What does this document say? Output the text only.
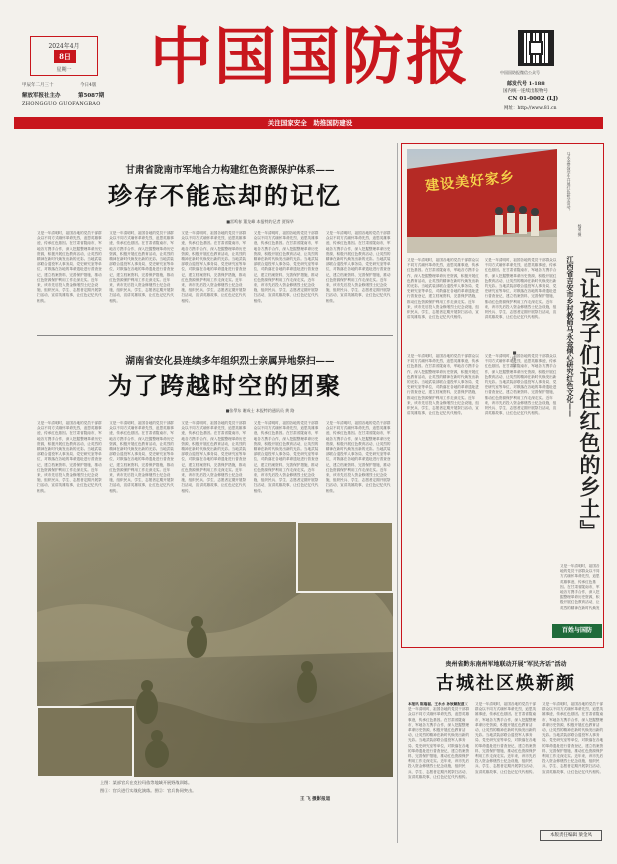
2024年4月
8日
星期一
甲辰年二月三十	今日4版
解放军报社主办	第5087期
ZHONGGUO GUOFANGBAO
中国国防报	中国国防报微信公众号
邮发代号 1-188
国内统一连续出版物号
CN 01-0002 (LJ)
网址：http://www.81.cn
关注国家安全　助推国防建设
甘肃省陇南市军地合力构建红色资源保护体系——
珍存不能忘却的记忆
■雷鸣春 董龙峰 本报特约记者 贾保华
又是一年清明时，祖国各地的党员干部群众以不同方式缅怀革命先烈，追思英雄事迹，传承红色基因。在甘肃省陇南市，军地各方携手合作，深入挖掘整理革命历史资源，积极开展红色教育活动，让英烈的精神在新时代焕发出新的光彩。当地武装部联合退役军人事务局、党史研究室等单位，对散落在各地的革命遗址进行普查登记，建立档案资料，完善保护措施，推动红色资源保护利用工作走深走实。近年来，该市先后投入资金修缮烈士纪念设施，组织民兵、学生、志愿者定期开展祭扫活动，宣讲英雄故事，让红色记忆代代相传。
又是一年清明时，祖国各地的党员干部群众以不同方式缅怀革命先烈，追思英雄事迹，传承红色基因。在甘肃省陇南市，军地各方携手合作，深入挖掘整理革命历史资源，积极开展红色教育活动，让英烈的精神在新时代焕发出新的光彩。当地武装部联合退役军人事务局、党史研究室等单位，对散落在各地的革命遗址进行普查登记，建立档案资料，完善保护措施，推动红色资源保护利用工作走深走实。近年来，该市先后投入资金修缮烈士纪念设施，组织民兵、学生、志愿者定期开展祭扫活动，宣讲英雄故事，让红色记忆代代相传。
又是一年清明时，祖国各地的党员干部群众以不同方式缅怀革命先烈，追思英雄事迹，传承红色基因。在甘肃省陇南市，军地各方携手合作，深入挖掘整理革命历史资源，积极开展红色教育活动，让英烈的精神在新时代焕发出新的光彩。当地武装部联合退役军人事务局、党史研究室等单位，对散落在各地的革命遗址进行普查登记，建立档案资料，完善保护措施，推动红色资源保护利用工作走深走实。近年来，该市先后投入资金修缮烈士纪念设施，组织民兵、学生、志愿者定期开展祭扫活动，宣讲英雄故事，让红色记忆代代相传。
又是一年清明时，祖国各地的党员干部群众以不同方式缅怀革命先烈，追思英雄事迹，传承红色基因。在甘肃省陇南市，军地各方携手合作，深入挖掘整理革命历史资源，积极开展红色教育活动，让英烈的精神在新时代焕发出新的光彩。当地武装部联合退役军人事务局、党史研究室等单位，对散落在各地的革命遗址进行普查登记，建立档案资料，完善保护措施，推动红色资源保护利用工作走深走实。近年来，该市先后投入资金修缮烈士纪念设施，组织民兵、学生、志愿者定期开展祭扫活动，宣讲英雄故事，让红色记忆代代相传。
又是一年清明时，祖国各地的党员干部群众以不同方式缅怀革命先烈，追思英雄事迹，传承红色基因。在甘肃省陇南市，军地各方携手合作，深入挖掘整理革命历史资源，积极开展红色教育活动，让英烈的精神在新时代焕发出新的光彩。当地武装部联合退役军人事务局、党史研究室等单位，对散落在各地的革命遗址进行普查登记，建立档案资料，完善保护措施，推动红色资源保护利用工作走深走实。近年来，该市先后投入资金修缮烈士纪念设施，组织民兵、学生、志愿者定期开展祭扫活动，宣讲英雄故事，让红色记忆代代相传。
湖南省安化县连续多年组织烈士亲属异地祭扫——
为了跨越时空的团聚
■张學东 谢成士 本报特约通讯员 黄 路
又是一年清明时，祖国各地的党员干部群众以不同方式缅怀革命先烈，追思英雄事迹，传承红色基因。在甘肃省陇南市，军地各方携手合作，深入挖掘整理革命历史资源，积极开展红色教育活动，让英烈的精神在新时代焕发出新的光彩。当地武装部联合退役军人事务局、党史研究室等单位，对散落在各地的革命遗址进行普查登记，建立档案资料，完善保护措施，推动红色资源保护利用工作走深走实。近年来，该市先后投入资金修缮烈士纪念设施，组织民兵、学生、志愿者定期开展祭扫活动，宣讲英雄故事，让红色记忆代代相传。
又是一年清明时，祖国各地的党员干部群众以不同方式缅怀革命先烈，追思英雄事迹，传承红色基因。在甘肃省陇南市，军地各方携手合作，深入挖掘整理革命历史资源，积极开展红色教育活动，让英烈的精神在新时代焕发出新的光彩。当地武装部联合退役军人事务局、党史研究室等单位，对散落在各地的革命遗址进行普查登记，建立档案资料，完善保护措施，推动红色资源保护利用工作走深走实。近年来，该市先后投入资金修缮烈士纪念设施，组织民兵、学生、志愿者定期开展祭扫活动，宣讲英雄故事，让红色记忆代代相传。
又是一年清明时，祖国各地的党员干部群众以不同方式缅怀革命先烈，追思英雄事迹，传承红色基因。在甘肃省陇南市，军地各方携手合作，深入挖掘整理革命历史资源，积极开展红色教育活动，让英烈的精神在新时代焕发出新的光彩。当地武装部联合退役军人事务局、党史研究室等单位，对散落在各地的革命遗址进行普查登记，建立档案资料，完善保护措施，推动红色资源保护利用工作走深走实。近年来，该市先后投入资金修缮烈士纪念设施，组织民兵、学生、志愿者定期开展祭扫活动，宣讲英雄故事，让红色记忆代代相传。
又是一年清明时，祖国各地的党员干部群众以不同方式缅怀革命先烈，追思英雄事迹，传承红色基因。在甘肃省陇南市，军地各方携手合作，深入挖掘整理革命历史资源，积极开展红色教育活动，让英烈的精神在新时代焕发出新的光彩。当地武装部联合退役军人事务局、党史研究室等单位，对散落在各地的革命遗址进行普查登记，建立档案资料，完善保护措施，推动红色资源保护利用工作走深走实。近年来，该市先后投入资金修缮烈士纪念设施，组织民兵、学生、志愿者定期开展祭扫活动，宣讲英雄故事，让红色记忆代代相传。
又是一年清明时，祖国各地的党员干部群众以不同方式缅怀革命先烈，追思英雄事迹，传承红色基因。在甘肃省陇南市，军地各方携手合作，深入挖掘整理革命历史资源，积极开展红色教育活动，让英烈的精神在新时代焕发出新的光彩。当地武装部联合退役军人事务局、党史研究室等单位，对散落在各地的革命遗址进行普查登记，建立档案资料，完善保护措施，推动红色资源保护利用工作走深走实。近年来，该市先后投入资金修缮烈士纪念设施，组织民兵、学生、志愿者定期开展祭扫活动，宣讲英雄故事，让红色记忆代代相传。
上图：某部官兵在克拉玛依等地域开展野战训练。
图①：官兵进行实战化演练。图②：官兵协同突击。
王 飞 摄影报道
建设美好家乡	马永金带领学生开展红色研学活动。
杨勇 摄
又是一年清明时，祖国各地的党员干部群众以不同方式缅怀革命先烈，追思英雄事迹，传承红色基因。在甘肃省陇南市，军地各方携手合作，深入挖掘整理革命历史资源，积极开展红色教育活动，让英烈的精神在新时代焕发出新的光彩。当地武装部联合退役军人事务局、党史研究室等单位，对散落在各地的革命遗址进行普查登记，建立档案资料，完善保护措施，推动红色资源保护利用工作走深走实。近年来，该市先后投入资金修缮烈士纪念设施，组织民兵、学生、志愿者定期开展祭扫活动，宣讲英雄故事，让红色记忆代代相传。
又是一年清明时，祖国各地的党员干部群众以不同方式缅怀革命先烈，追思英雄事迹，传承红色基因。在甘肃省陇南市，军地各方携手合作，深入挖掘整理革命历史资源，积极开展红色教育活动，让英烈的精神在新时代焕发出新的光彩。当地武装部联合退役军人事务局、党史研究室等单位，对散落在各地的革命遗址进行普查登记，建立档案资料，完善保护措施，推动红色资源保护利用工作走深走实。近年来，该市先后投入资金修缮烈士纪念设施，组织民兵、学生、志愿者定期开展祭扫活动，宣讲英雄故事，让红色记忆代代相传。	江西省吉安市乡村教师马永金倾心研究红色文化—— 『让孩子们记住红色的乡土』
■ 杨小平
又是一年清明时，祖国各地的党员干部群众以不同方式缅怀革命先烈，追思英雄事迹，传承红色基因。在甘肃省陇南市，军地各方携手合作，深入挖掘整理革命历史资源，积极开展红色教育活动，让英烈的精神在新时代焕发出新的光彩。当地武装部联合退役军人事务局、党史研究室等单位，对散落在各地的革命遗址进行普查登记，建立档案资料，完善保护措施，推动红色资源保护利用工作走深走实。近年来，该市先后投入资金修缮烈士纪念设施，组织民兵、学生、志愿者定期开展祭扫活动，宣讲英雄故事，让红色记忆代代相传。
又是一年清明时，祖国各地的党员干部群众以不同方式缅怀革命先烈，追思英雄事迹，传承红色基因。在甘肃省陇南市，军地各方携手合作，深入挖掘整理革命历史资源，积极开展红色教育活动，让英烈的精神在新时代焕发出新的光彩。当地武装部联合退役军人事务局、党史研究室等单位，对散落在各地的革命遗址进行普查登记，建立档案资料，完善保护措施，推动红色资源保护利用工作走深走实。近年来，该市先后投入资金修缮烈士纪念设施，组织民兵、学生、志愿者定期开展祭扫活动，宣讲英雄故事，让红色记忆代代相传。
又是一年清明时，祖国各地的党员干部群众以不同方式缅怀革命先烈，追思英雄事迹，传承红色基因。在甘肃省陇南市，军地各方携手合作，深入挖掘整理革命历史资源，积极开展红色教育活动，让英烈的精神在新时代焕发
百姓与国防
贵州省黔东南州军地联动开展“军民齐话”活动
古城社区焕新颜
本报讯 陈瑞福、王永水 孙欣颖报道又是一年清明时，祖国各地的党员干部群众以不同方式缅怀革命先烈，追思英雄事迹，传承红色基因。在甘肃省陇南市，军地各方携手合作，深入挖掘整理革命历史资源，积极开展红色教育活动，让英烈的精神在新时代焕发出新的光彩。当地武装部联合退役军人事务局、党史研究室等单位，对散落在各地的革命遗址进行普查登记，建立档案资料，完善保护措施，推动红色资源保护利用工作走深走实。近年来，该市先后投入资金修缮烈士纪念设施，组织民兵、学生、志愿者定期开展祭扫活动，宣讲英雄故事，让红色记忆代代相传。
又是一年清明时，祖国各地的党员干部群众以不同方式缅怀革命先烈，追思英雄事迹，传承红色基因。在甘肃省陇南市，军地各方携手合作，深入挖掘整理革命历史资源，积极开展红色教育活动，让英烈的精神在新时代焕发出新的光彩。当地武装部联合退役军人事务局、党史研究室等单位，对散落在各地的革命遗址进行普查登记，建立档案资料，完善保护措施，推动红色资源保护利用工作走深走实。近年来，该市先后投入资金修缮烈士纪念设施，组织民兵、学生、志愿者定期开展祭扫活动，宣讲英雄故事，让红色记忆代代相传。
又是一年清明时，祖国各地的党员干部群众以不同方式缅怀革命先烈，追思英雄事迹，传承红色基因。在甘肃省陇南市，军地各方携手合作，深入挖掘整理革命历史资源，积极开展红色教育活动，让英烈的精神在新时代焕发出新的光彩。当地武装部联合退役军人事务局、党史研究室等单位，对散落在各地的革命遗址进行普查登记，建立档案资料，完善保护措施，推动红色资源保护利用工作走深走实。近年来，该市先后投入资金修缮烈士纪念设施，组织民兵、学生、志愿者定期开展祭扫活动，宣讲英雄故事，让红色记忆代代相传。
本版责任编辑 梁金凤
